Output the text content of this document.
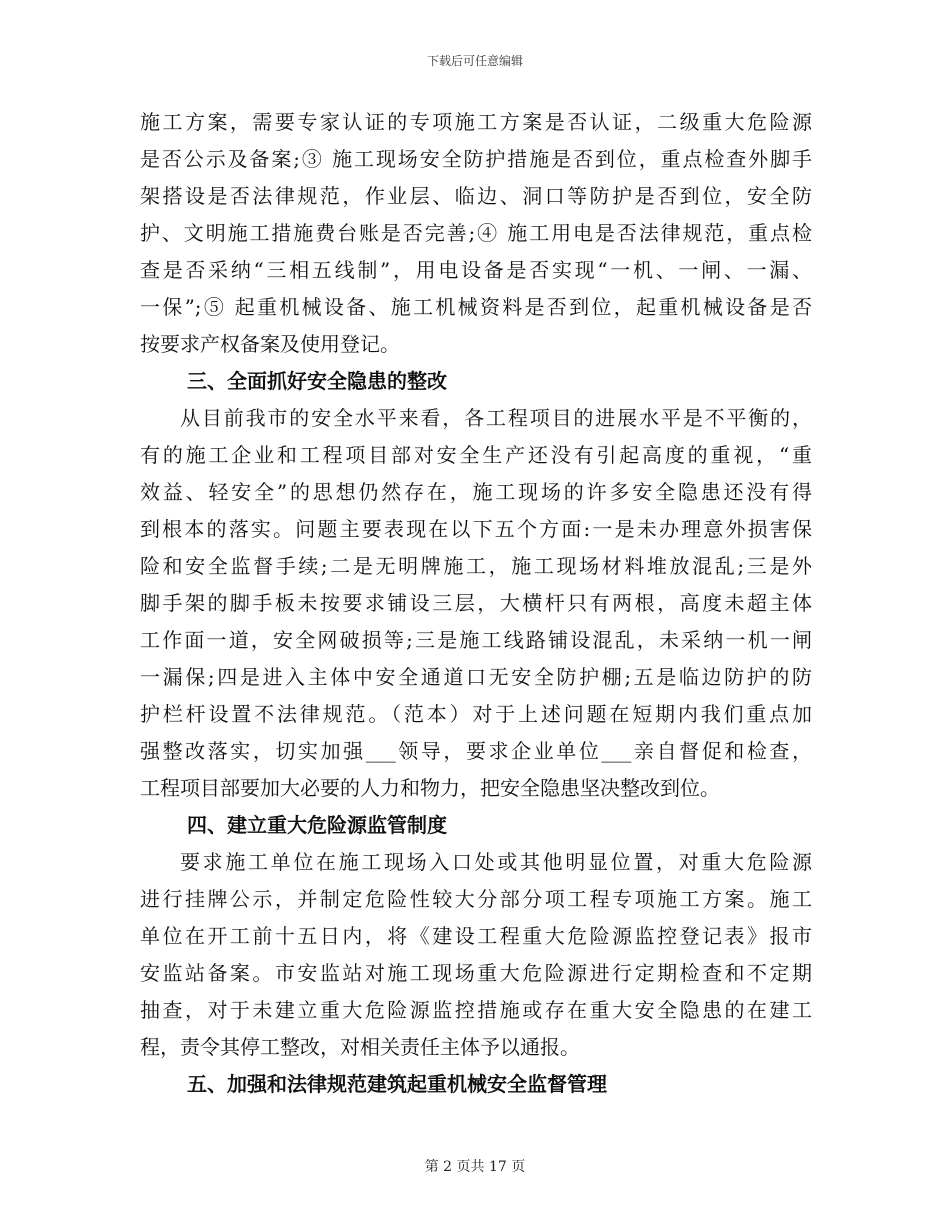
下载后可任意编辑
施工方案，需要专家认证的专项施工方案是否认证，二级重大危险源
是否公示及备案;③ 施工现场安全防护措施是否到位，重点检查外脚手
架搭设是否法律规范，作业层、临边、洞口等防护是否到位，安全防
护、文明施工措施费台账是否完善;④ 施工用电是否法律规范，重点检
查是否采纳“三相五线制”，用电设备是否实现“一机、一闸、一漏、
一保”;⑤ 起重机械设备、施工机械资料是否到位，起重机械设备是否
按要求产权备案及使用登记。
三、全面抓好安全隐患的整改
从目前我市的安全水平来看，各工程项目的进展水平是不平衡的，
有的施工企业和工程项目部对安全生产还没有引起高度的重视，“重
效益、轻安全”的思想仍然存在，施工现场的许多安全隐患还没有得
到根本的落实。问题主要表现在以下五个方面:一是未办理意外损害保
险和安全监督手续;二是无明牌施工，施工现场材料堆放混乱;三是外
脚手架的脚手板未按要求铺设三层，大横杆只有两根，高度未超主体
工作面一道，安全网破损等;三是施工线路铺设混乱，未采纳一机一闸
一漏保;四是进入主体中安全通道口无安全防护棚;五是临边防护的防
护栏杆设置不法律规范。（范本）对于上述问题在短期内我们重点加
强整改落实，切实加强___领导，要求企业单位___亲自督促和检查，
工程项目部要加大必要的人力和物力，把安全隐患坚决整改到位。
四、建立重大危险源监管制度
要求施工单位在施工现场入口处或其他明显位置，对重大危险源
进行挂牌公示，并制定危险性较大分部分项工程专项施工方案。施工
单位在开工前十五日内，将《建设工程重大危险源监控登记表》报市
安监站备案。市安监站对施工现场重大危险源进行定期检查和不定期
抽查，对于未建立重大危险源监控措施或存在重大安全隐患的在建工
程，责令其停工整改，对相关责任主体予以通报。
五、加强和法律规范建筑起重机械安全监督管理
第 2 页共 17 页
